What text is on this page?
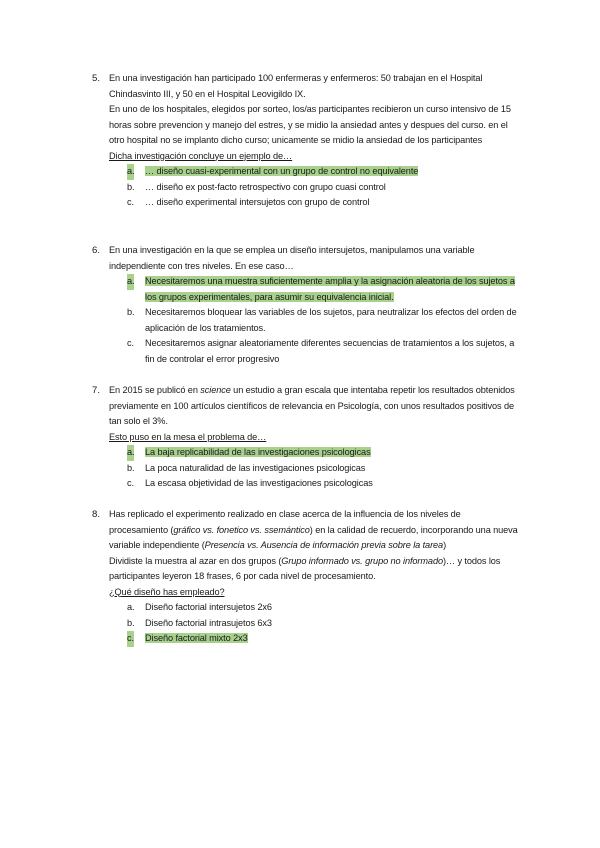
5. En una investigación han participado 100 enfermeras y enfermeros: 50 trabajan en el Hospital Chindasvinto III, y 50 en el Hospital Leovigildo IX.

En uno de los hospitales, elegidos por sorteo, los/as participantes recibieron un curso intensivo de 15 horas sobre prevencion y manejo del estres, y se midio la ansiedad antes y despues del curso. en el otro hospital no se implanto dicho curso; unicamente se midio la ansiedad de los participantes

Dicha investigación concluye un ejemplo de…

a. … diseño cuasi-experimental con un grupo de control no equivalente
b. … diseño ex post-facto retrospectivo con grupo cuasi control
c. … diseño experimental intersujetos con grupo de control
6. En una investigación en la que se emplea un diseño intersujetos, manipulamos una variable independiente con tres niveles. En ese caso…

a. Necesitaremos una muestra suficientemente amplia y la asignación aleatoria de los sujetos a los grupos experimentales, para asumir su equivalencia inicial.
b. Necesitaremos bloquear las variables de los sujetos, para neutralizar los efectos del orden de aplicación de los tratamientos.
c. Necesitaremos asignar aleatoriamente diferentes secuencias de tratamientos a los sujetos, a fin de controlar el error progresivo
7. En 2015 se publicó en science un estudio a gran escala que intentaba repetir los resultados obtenidos previamente en 100 artículos científicos de relevancia en Psicología, con unos resultados positivos de tan solo el 3%.

Esto puso en la mesa el problema de…

a. La baja replicabilidad de las investigaciones psicologicas
b. La poca naturalidad de las investigaciones psicologicas
c. La escasa objetividad de las investigaciones psicologicas
8. Has replicado el experimento realizado en clase acerca de la influencia de los niveles de procesamiento (gráfico vs. fonetico vs. ssemántico) en la calidad de recuerdo, incorporando una nueva variable independiente (Presencia vs. Ausencia de información previa sobre la tarea)

Dividiste la muestra al azar en dos grupos (Grupo informado vs. grupo no informado)… y todos los participantes leyeron 18 frases, 6 por cada nivel de procesamiento.

¿Qué diseño has empleado?

a. Diseño factorial intersujetos 2x6
b. Diseño factorial intrasujetos 6x3
c. Diseño factorial mixto 2x3
